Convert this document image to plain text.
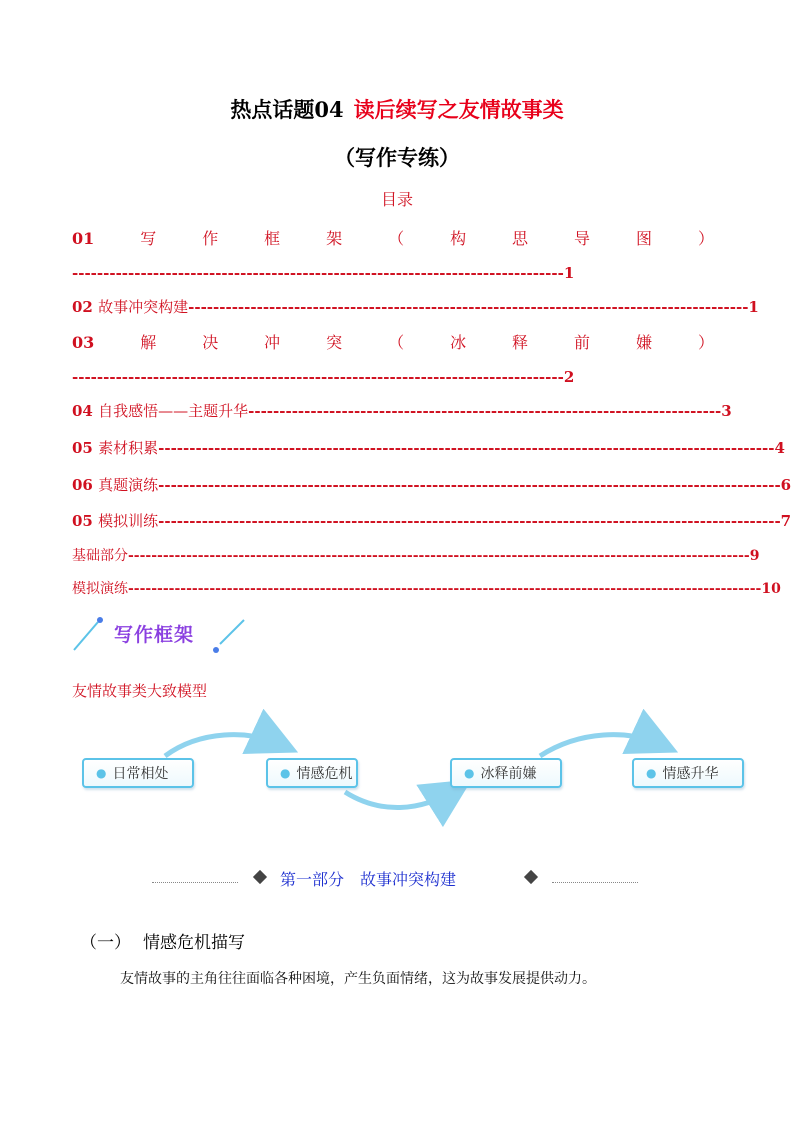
热点话题04 读后续写之友情故事类
（写作专练）
目录
01	写	作	框	架	（	构	思	导	图	）
-------------------------------------------------------------------------------1
02 故事冲突构建------------------------------------------------------------------------------------------1
03	解	决	冲	突	（	冰	释	前	嫌	）
-------------------------------------------------------------------------------2
04 自我感悟——主题升华----------------------------------------------------------------------------3
05 素材积累---------------------------------------------------------------------------------------------------4
06 真题演练----------------------------------------------------------------------------------------------------6
05 模拟训练----------------------------------------------------------------------------------------------------7
基础部分-----------------------------------------------------------------------------------------------------------9
模拟演练-------------------------------------------------------------------------------------------------------------10
写作框架
友情故事类大致模型
● 日常相处	● 情感危机	● 冰释前嫌	● 情感升华
第一部分　故事冲突构建
（一） 情感危机描写
友情故事的主角往往面临各种困境，产生负面情绪，这为故事发展提供动力。
